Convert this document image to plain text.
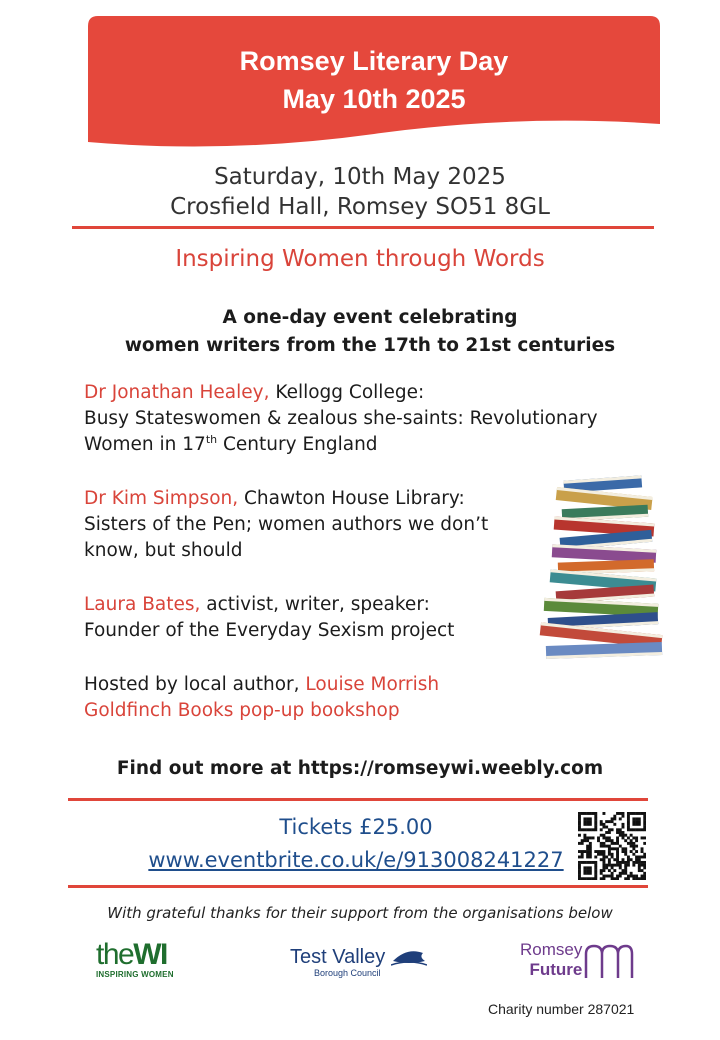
Romsey Literary Day
May 10th 2025
Saturday, 10th May 2025
Crosfield Hall, Romsey SO51 8GL
Inspiring Women through Words
A one-day event celebrating
women writers from the 17th to 21st centuries
Dr Jonathan Healey, Kellogg College:
Busy Stateswomen & zealous she-saints: Revolutionary
Women in 17th Century England
Dr Kim Simpson, Chawton House Library:
Sisters of the Pen; women authors we don’t
know, but should
Laura Bates, activist, writer, speaker:
Founder of the Everyday Sexism project
Hosted by local author, Louise Morrish
Goldfinch Books pop-up bookshop
Find out more at https://romseywi.weebly.com
Tickets £25.00
www.eventbrite.co.uk/e/913008241227
With grateful thanks for their support from the organisations below
theWI
INSPIRING WOMEN
Test Valley
Borough Council
Romsey
Future
Charity number 287021
